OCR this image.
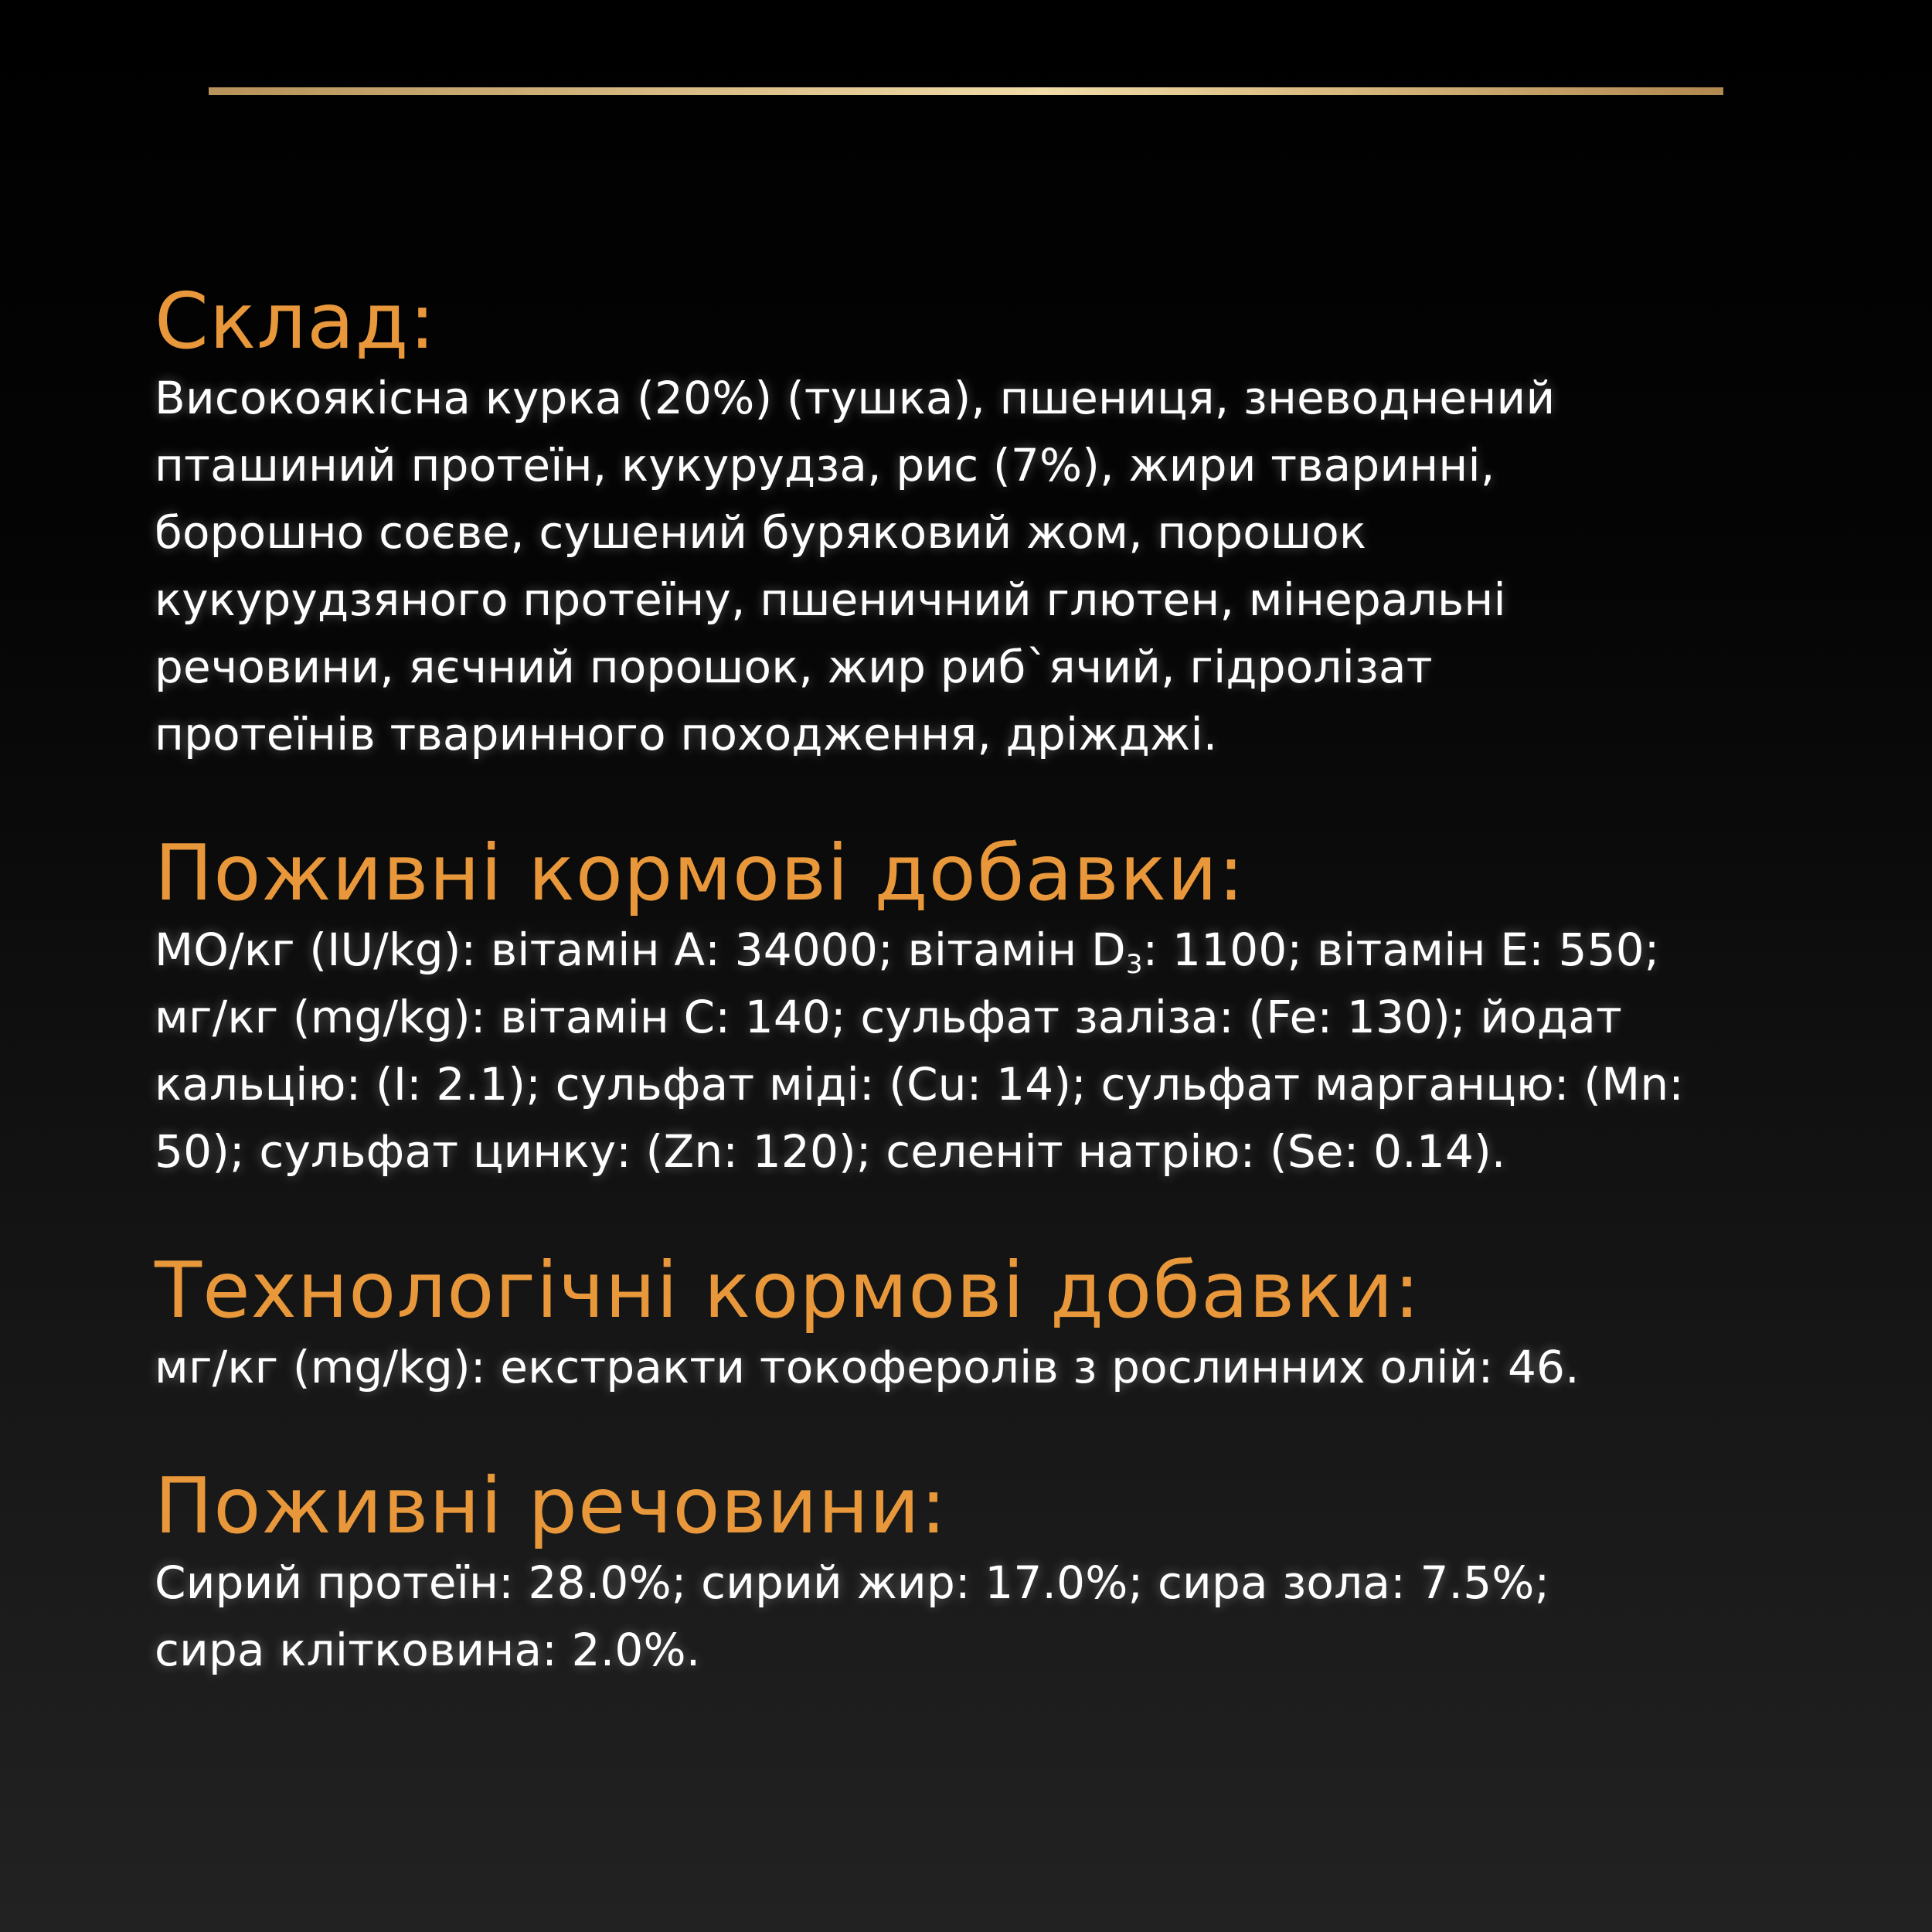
Склад:

Високоякісна курка (20%) (тушка), пшениця, зневоднений
пташиний протеїн, кукурудза, рис (7%), жири тваринні,
борошно соєве, сушений буряковий жом, порошок
кукурудзяного протеїну, пшеничний глютен, мінеральні
речовини, яєчний порошок, жир риб`ячий, гідролізат
протеїнів тваринного походження, дріжджі.

Поживні кормові добавки:

МО/кг (IU/kg): вітамін А: 34000; вітамін $D_3$: 1100; вітамін Е: 550;
мг/кг (mg/kg): вітамін С: 140; сульфат заліза: (Fe: 130); йодат
кальцію: (I: 2.1); сульфат міді: (Cu: 14); сульфат марганцю: (Mn:
50); сульфат цинку: (Zn: 120); селеніт натрію: (Se: 0.14).

Технологічні кормові добавки:

мг/кг (mg/kg): екстракти токоферолів з рослинних олій: 46.

Поживні речовини:

Сирий протеїн: 28.0%; сирий жир: 17.0%; сира зола: 7.5%;
сира клітковина: 2.0%.
